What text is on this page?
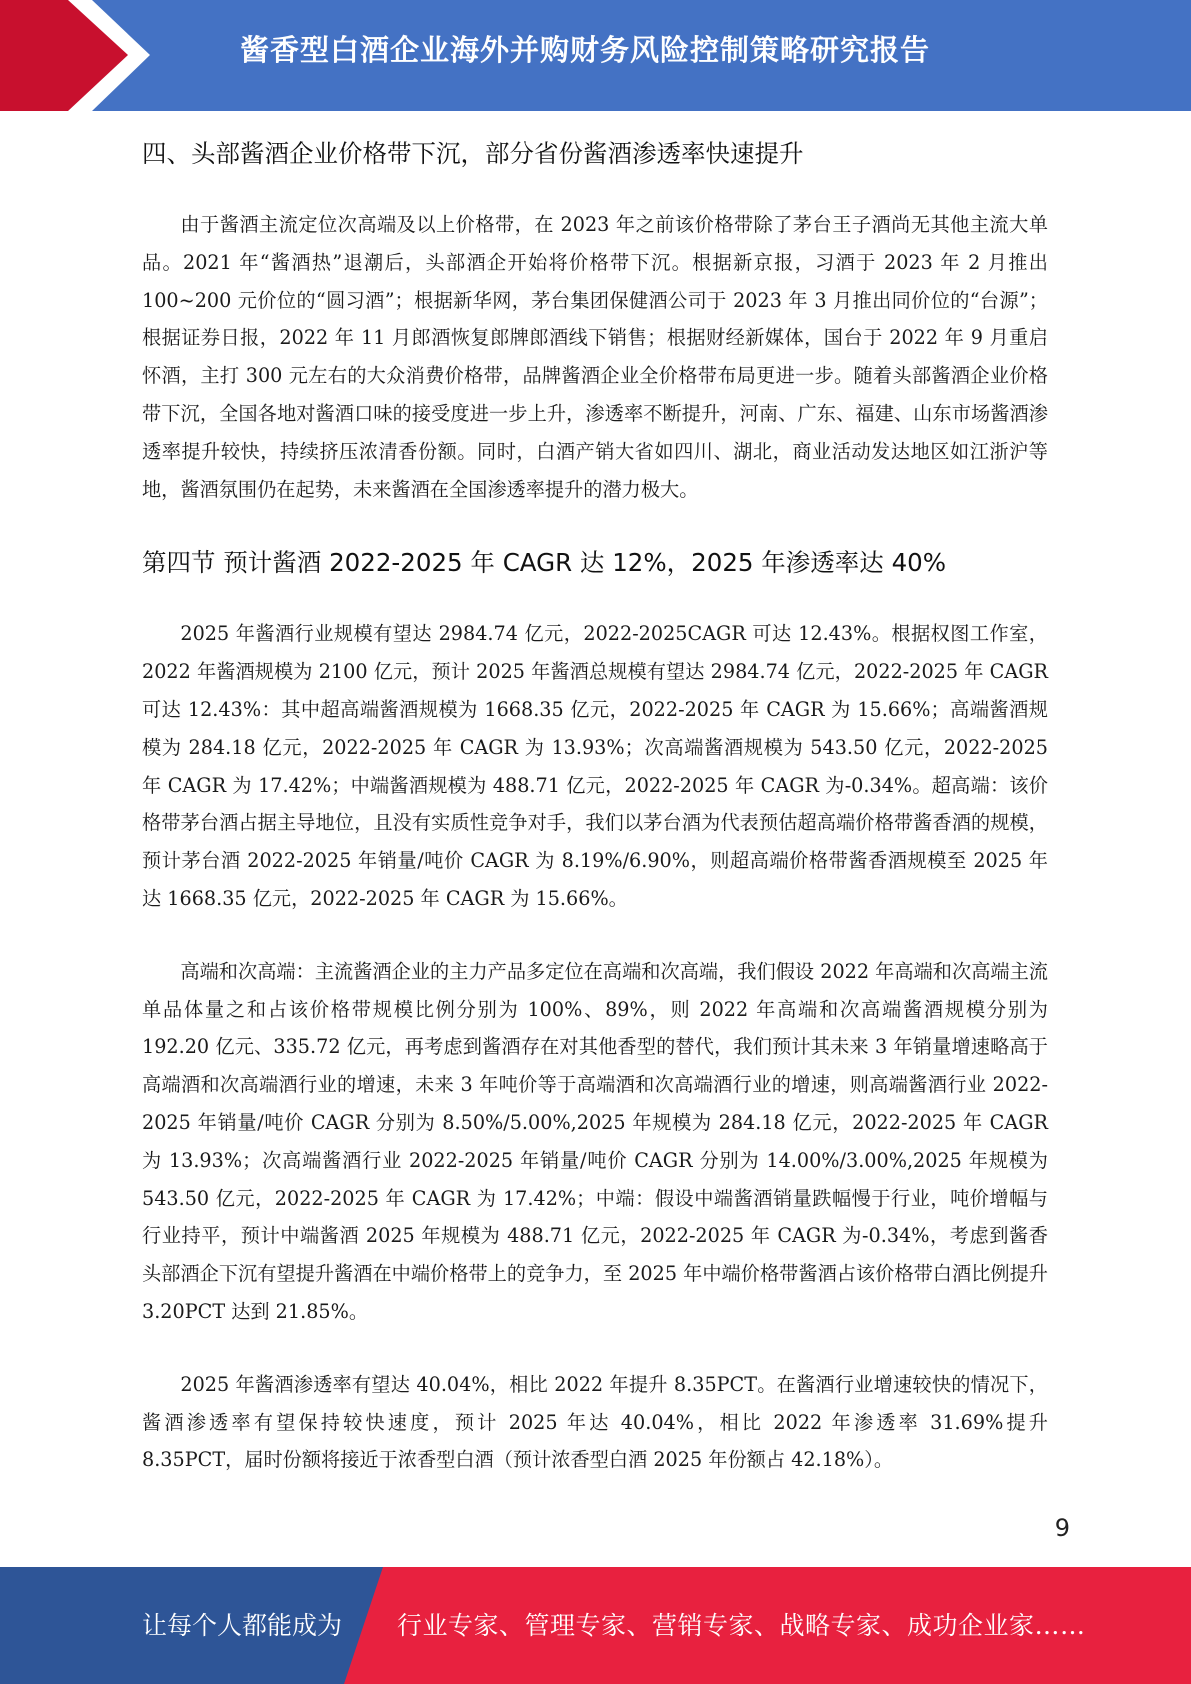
酱香型白酒企业海外并购财务风险控制策略研究报告
四、头部酱酒企业价格带下沉，部分省份酱酒渗透率快速提升

由于酱酒主流定位次高端及以上价格带，在 2023 年之前该价格带除了茅台王子酒尚无其他主流大单品。2021 年“酱酒热”退潮后，头部酒企开始将价格带下沉。根据新京报，习酒于 2023 年 2 月推出 100~200 元价位的“圆习酒”；根据新华网，茅台集团保健酒公司于 2023 年 3 月推出同价位的“台源”；根据证券日报，2022 年 11 月郎酒恢复郎牌郎酒线下销售；根据财经新媒体，国台于 2022 年 9 月重启怀酒，主打 300 元左右的大众消费价格带，品牌酱酒企业全价格带布局更进一步。随着头部酱酒企业价格带下沉，全国各地对酱酒口味的接受度进一步上升，渗透率不断提升，河南、广东、福建、山东市场酱酒渗透率提升较快，持续挤压浓清香份额。同时，白酒产销大省如四川、湖北，商业活动发达地区如江浙沪等地，酱酒氛围仍在起势，未来酱酒在全国渗透率提升的潜力极大。

第四节 预计酱酒 2022-2025 年 CAGR 达 12%，2025 年渗透率达 40%

2025 年酱酒行业规模有望达 2984.74 亿元，2022-2025CAGR 可达 12.43%。根据权图工作室，2022 年酱酒规模为 2100 亿元，预计 2025 年酱酒总规模有望达 2984.74 亿元，2022-2025 年 CAGR 可达 12.43%：其中超高端酱酒规模为 1668.35 亿元，2022-2025 年 CAGR 为 15.66%；高端酱酒规模为 284.18 亿元，2022-2025 年 CAGR 为 13.93%；次高端酱酒规模为 543.50 亿元，2022-2025 年 CAGR 为 17.42%；中端酱酒规模为 488.71 亿元，2022-2025 年 CAGR 为-0.34%。超高端：该价格带茅台酒占据主导地位，且没有实质性竞争对手，我们以茅台酒为代表预估超高端价格带酱香酒的规模，预计茅台酒 2022-2025 年销量/吨价 CAGR 为 8.19%/6.90%，则超高端价格带酱香酒规模至 2025 年达 1668.35 亿元，2022-2025 年 CAGR 为 15.66%。

高端和次高端：主流酱酒企业的主力产品多定位在高端和次高端，我们假设 2022 年高端和次高端主流单品体量之和占该价格带规模比例分别为 100%、89%，则 2022 年高端和次高端酱酒规模分别为 192.20 亿元、335.72 亿元，再考虑到酱酒存在对其他香型的替代，我们预计其未来 3 年销量增速略高于高端酒和次高端酒行业的增速，未来 3 年吨价等于高端酒和次高端酒行业的增速，则高端酱酒行业 2022-2025 年销量/吨价 CAGR 分别为 8.50%/5.00%,2025 年规模为 284.18 亿元，2022-2025 年 CAGR 为 13.93%；次高端酱酒行业 2022-2025 年销量/吨价 CAGR 分别为 14.00%/3.00%,2025 年规模为 543.50 亿元，2022-2025 年 CAGR 为 17.42%；中端：假设中端酱酒销量跌幅慢于行业，吨价增幅与行业持平，预计中端酱酒 2025 年规模为 488.71 亿元，2022-2025 年 CAGR 为-0.34%，考虑到酱香头部酒企下沉有望提升酱酒在中端价格带上的竞争力，至 2025 年中端价格带酱酒占该价格带白酒比例提升 3.20PCT 达到 21.85%。

2025 年酱酒渗透率有望达 40.04%，相比 2022 年提升 8.35PCT。在酱酒行业增速较快的情况下，酱酒渗透率有望保持较快速度，预计 2025 年达 40.04%，相比 2022 年渗透率 31.69%提升 8.35PCT，届时份额将接近于浓香型白酒（预计浓香型白酒 2025 年份额占 42.18%）。

9
让每个人都能成为 行业专家、管理专家、营销专家、战略专家、成功企业家……
